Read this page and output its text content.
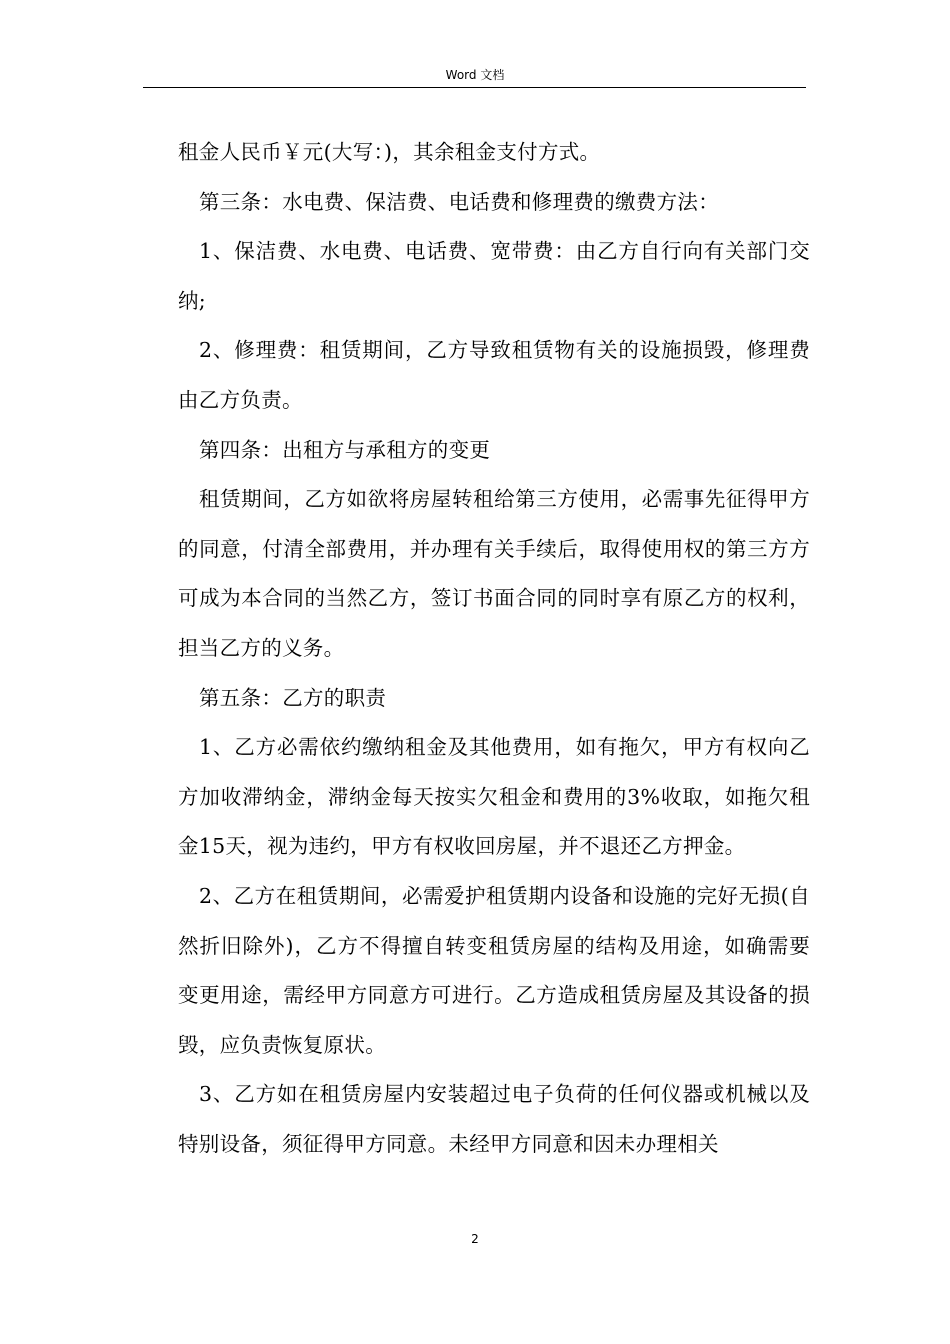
Word 文档

租金人民币￥元(大写：)，其余租金支付方式。

第三条：水电费、保洁费、电话费和修理费的缴费方法：

1、保洁费、水电费、电话费、宽带费：由乙方自行向有关部门交纳;

2、修理费：租赁期间，乙方导致租赁物有关的设施损毁，修理费由乙方负责。

第四条：出租方与承租方的变更

租赁期间，乙方如欲将房屋转租给第三方使用，必需事先征得甲方的同意，付清全部费用，并办理有关手续后，取得使用权的第三方方可成为本合同的当然乙方，签订书面合同的同时享有原乙方的权利，担当乙方的义务。

第五条：乙方的职责

1、乙方必需依约缴纳租金及其他费用，如有拖欠，甲方有权向乙方加收滞纳金，滞纳金每天按实欠租金和费用的3%收取，如拖欠租金15天，视为违约，甲方有权收回房屋，并不退还乙方押金。

2、乙方在租赁期间，必需爱护租赁期内设备和设施的完好无损(自然折旧除外)，乙方不得擅自转变租赁房屋的结构及用途，如确需要变更用途，需经甲方同意方可进行。乙方造成租赁房屋及其设备的损毁，应负责恢复原状。

3、乙方如在租赁房屋内安装超过电子负荷的任何仪器或机械以及特别设备，须征得甲方同意。未经甲方同意和因未办理相关

2
